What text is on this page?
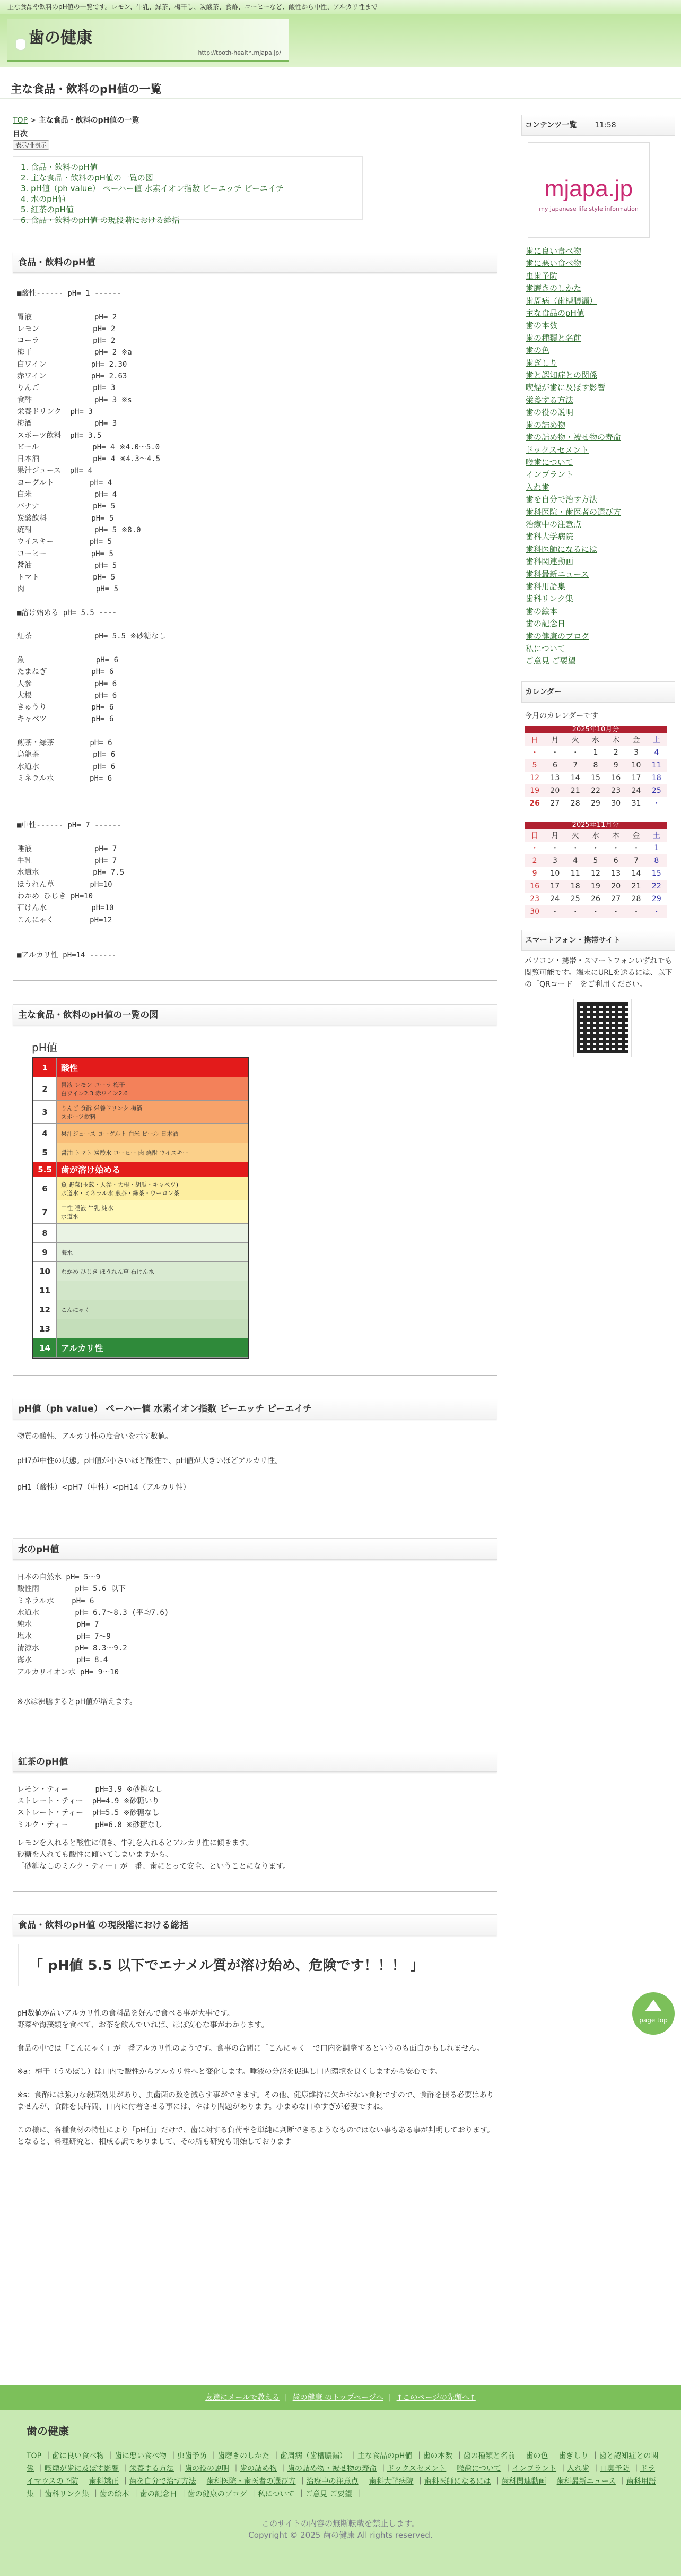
主な食品や飲料のpH値の一覧です。レモン、牛乳、緑茶、梅干し、炭酸茶、食酢、コーヒーなど、酸性から中性、アルカリ性まで
歯の健康
http://tooth-health.mjapa.jp/
主な食品・飲料のpH値の一覧
TOP > 主な食品・飲料のpH値の一覧
目次
表示/非表示
1. 食品・飲料のpH値
2. 主な食品・飲料のpH値の一覧の図
3. pH値（ph value） ペーハー値 水素イオン指数 ピーエッチ ピーエイチ
4. 水のpH値
5. 紅茶のpH値
6. 食品・飲料のpH値 の現段階における総括
食品・飲料のpH値
■酸性------ pH= 1 ------

胃液              pH= 2
レモン            pH= 2
コーラ            pH= 2
梅干              pH= 2 ※a
白ワイン          pH= 2.30
赤ワイン          pH= 2.63
りんご            pH= 3
食酢              pH= 3 ※s
栄養ドリンク  pH= 3
梅酒              pH= 3
スポーツ飲料  pH= 3.5
ビール            pH= 4 ※4.0〜5.0
日本酒            pH= 4 ※4.3〜4.5
果汁ジュース  pH= 4
ヨーグルト        pH= 4
白米              pH= 4
バナナ            pH= 5
炭酸飲料          pH= 5
焼酎              pH= 5 ※8.0
ウイスキー        pH= 5
コーヒー          pH= 5
醤油              pH= 5
トマト            pH= 5
肉                pH= 5
■溶け始める pH= 5.5 ----

紅茶              pH= 5.5 ※砂糖なし

魚                pH= 6
たまねぎ          pH= 6
人参              pH= 6
大根              pH= 6
きゅうり          pH= 6
キャベツ          pH= 6

煎茶・緑茶        pH= 6
烏龍茶            pH= 6
水道水            pH= 6
ミネラル水        pH= 6
■中性------ pH= 7 ------

唾液              pH= 7
牛乳              pH= 7
水道水            pH= 7.5
ほうれん草        pH=10
わかめ ひじき pH=10
石けん水          pH=10
こんにゃく        pH=12
■アルカリ性 pH=14 ------
主な食品・飲料のpH値の一覧の図
pH値
1	酸性
2	胃液 レモン コーラ 梅干
白ワイン2.3 赤ワイン2.6
3	りんご 食酢 栄養ドリンク 梅酒
スポーツ飲料
4	果汁ジュース ヨーグルト 白米 ビール 日本酒
5	醤油 トマト 炭酸水 コーヒー 肉 焼酎 ウイスキー
5.5	歯が溶け始める
6	魚 野菜(玉葱・人参・大根・胡瓜・キャベツ)
水道水・ミネラル水 煎茶・緑茶・ウーロン茶
7	中性 唾液 牛乳 純水
水道水
8
9	海水
10	わかめ ひじき ほうれん草 石けん水
11
12	こんにゃく
13
14	アルカリ性
pH値（ph value） ペーハー値 水素イオン指数 ピーエッチ ピーエイチ
物質の酸性、アルカリ性の度合いを示す数値。
pH7が中性の状態。pH値が小さいほど酸性で、pH値が大きいほどアルカリ性。
pH1（酸性）<pH7（中性）<pH14（アルカリ性）
水のpH値
日本の自然水 pH= 5〜9
酸性雨        pH= 5.6 以下
ミネラル水    pH= 6
水道水        pH= 6.7〜8.3 (平均7.6)
純水          pH= 7
塩水          pH= 7〜9
清涼水        pH= 8.3〜9.2
海水          pH= 8.4
アルカリイオン水 pH= 9〜10
※水は沸騰するとpH値が増えます。
紅茶のpH値
レモン・ティー      pH=3.9 ※砂糖なし
ストレート・ティー  pH=4.9 ※砂糖いり
ストレート・ティー  pH=5.5 ※砂糖なし
ミルク・ティー      pH=6.8 ※砂糖なし
レモンを入れると酸性に傾き、牛乳を入れるとアルカリ性に傾きます。
砂糖を入れても酸性に傾いてしまいますから、
「砂糖なしのミルク・ティー」が一番、歯にとって安全、ということになります。
食品・飲料のpH値 の現段階における総括
「 pH値 5.5 以下でエナメル質が溶け始め、危険です！！！ 」
pH数値が高いアルカリ性の食料品を好んで食べる事が大事です。
野菜や海藻類を食べて、お茶を飲んでいれば、ほぼ安心な事がわかります。
食品の中では「こんにゃく」が一番アルカリ性のようです。食事の合間に「こんにゃく」で口内を調整するというのも面白かもしれません。
※a：梅干（うめぼし）は口内で酸性からアルカリ性へと変化します。唾液の分泌を促進し口内環境を良くしますから安心です。
※s：食酢には強力な殺菌効果があり、虫歯菌の数を減らす事ができます。その他、健康維持に欠かせない食材ですので、食酢を摂る必要はありませんが、食酢を長時間、口内に付着させる事には、やはり問題があります。小まめな口ゆすぎが必要ですね。
この様に、各種食材の特性により「pH値」だけで、歯に対する負荷率を単純に判断できるようなものではない事もある事が判明しております。
となると、料理研究と、相成る訳でありまして、その所も研究も開始しております
コンテンツ一覧 11:58
mjapa.jp
my japanese life style information
歯に良い食べ物
歯に悪い食べ物
虫歯予防
歯磨きのしかた
歯周病（歯槽膿漏）
主な食品のpH値
歯の本数
歯の種類と名前
歯の色
歯ぎしり
歯と認知症との関係
喫煙が歯に及ぼす影響
栄養する方法
歯の役の説明
歯の詰め物
歯の詰め物・被せ物の寿命
ドックスセメント
喉歯について
インプラント
入れ歯
歯を自分で治す方法
歯科医院・歯医者の選び方
治療中の注意点
歯科大学病院
歯科医師になるには
歯科関連動画
歯科最新ニュース
歯科用語集
歯科リンク集
歯の絵本
歯の記念日
歯の健康のブログ
私について
ご意見 ご要望
カレンダー
今月のカレンダーです
2025年10月分
日	月	火	水	木	金	土
・	・	・	1	2	3	4
5	6	7	8	9	10	11
12	13	14	15	16	17	18
19	20	21	22	23	24	25
26	27	28	29	30	31	・
2025年11月分
日	月	火	水	木	金	土
・	・	・	・	・	・	1
2	3	4	5	6	7	8
9	10	11	12	13	14	15
16	17	18	19	20	21	22
23	24	25	26	27	28	29
30	・	・	・	・	・	・
スマートフォン・携帯サイト
パソコン・携帯・スマートフォンいずれでも閲覧可能です。端末にURLを送るには、以下の「QRコード」をご利用ください。
page top
友達にメールで教える | 歯の健康 のトップページへ | ↑このページの先頭へ↑
歯の健康
TOP ｜歯に良い食べ物 ｜歯に悪い食べ物 ｜虫歯予防 ｜歯磨きのしかた ｜歯周病（歯槽膿漏） ｜主な食品のpH値 ｜歯の本数 ｜歯の種類と名前 ｜歯の色 ｜歯ぎしり ｜歯と認知症との関係 ｜喫煙が歯に及ぼす影響 ｜栄養する方法 ｜歯の役の説明 ｜歯の詰め物 ｜歯の詰め物・被せ物の寿命 ｜ドックスセメント ｜喉歯について ｜インプラント ｜入れ歯 ｜口臭予防 ｜ドライマウスの予防 ｜歯科矯正 ｜歯を自分で治す方法 ｜歯科医院・歯医者の選び方 ｜治療中の注意点 ｜歯科大学病院 ｜歯科医師になるには ｜歯科関連動画 ｜歯科最新ニュース ｜歯科用語集 ｜歯科リンク集 ｜歯の絵本 ｜歯の記念日 ｜歯の健康のブログ ｜私について ｜ご意見 ご要望 ｜
このサイトの内容の無断転載を禁止します。
Copyright © 2025 歯の健康 All rights reserved.
